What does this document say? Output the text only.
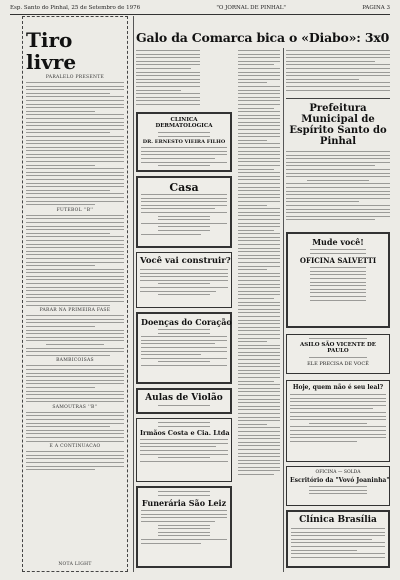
Esp. Santo do Pinhal, 25 de Setembro de 1976	"O JORNAL DE PINHAL"	PAGINA 3
Tiro livre
PARALELO PRESENTE
FUTEBOL ''B''
PARAR NA PRIMEIRA FASE
BAMBICOISAS
SAMOUTRAS ''B''
E A CONTINUACAO
NOTA LIGHT
Galo da Comarca bica o «Diabo»: 3x0
CLINICA DERMATOLOGICA
DR. ERNESTO VIEIRA FILHO
Casa
Você vai construir?
Doenças do Coração
Aulas de Violão
Irmãos Costa e Cia. Ltda
Funerária São Leiz
Prefeitura Municipal de Espírito Santo do Pinhal
Mude você!
OFICINA SALVETTI
ASILO SÃO VICENTE DE PAULO
ELE PRECISA DE VOCÊ
Hoje, quem não é seu leal?
OFICINA — SOLDA
Escritório da "Vovó Joaninha"
Clínica Brasília
